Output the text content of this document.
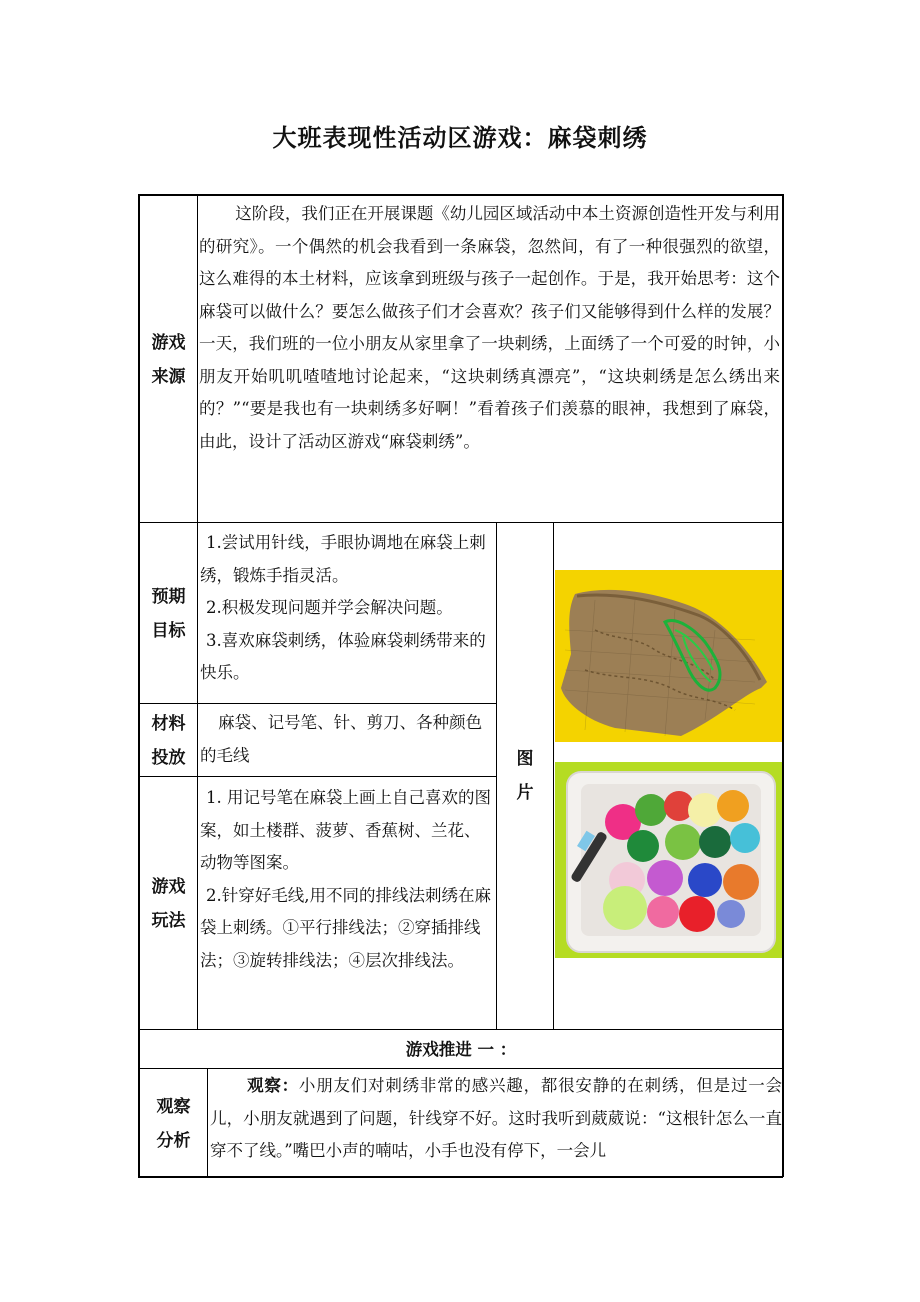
大班表现性活动区游戏：麻袋刺绣
游戏
来源
这阶段，我们正在开展课题《幼儿园区域活动中本土资源创造性开发与利用的研究》。一个偶然的机会我看到一条麻袋，忽然间，有了一种很强烈的欲望，这么难得的本土材料，应该拿到班级与孩子一起创作。于是，我开始思考：这个麻袋可以做什么？要怎么做孩子们才会喜欢？孩子们又能够得到什么样的发展？一天，我们班的一位小朋友从家里拿了一块刺绣，上面绣了一个可爱的时钟，小朋友开始叽叽喳喳地讨论起来，“这块刺绣真漂亮”，“这块刺绣是怎么绣出来的？”“要是我也有一块刺绣多好啊！”看着孩子们羡慕的眼神，我想到了麻袋，由此，设计了活动区游戏“麻袋刺绣”。
预期
目标
1.尝试用针线，手眼协调地在麻袋上刺绣，锻炼手指灵活。
2.积极发现问题并学会解决问题。
3.喜欢麻袋刺绣，体验麻袋刺绣带来的快乐。
材料
投放
麻袋、记号笔、针、剪刀、各种颜色的毛线
游戏
玩法
1. 用记号笔在麻袋上画上自己喜欢的图案，如土楼群、菠萝、香蕉树、兰花、动物等图案。
2.针穿好毛线,用不同的排线法刺绣在麻袋上刺绣。①平行排线法；②穿插排线法；③旋转排线法；④层次排线法。
图
片
游戏推进 一 ：
观察
分析
观察：小朋友们对刺绣非常的感兴趣，都很安静的在刺绣，但是过一会儿，小朋友就遇到了问题，针线穿不好。这时我听到葳葳说：“这根针怎么一直穿不了线。”嘴巴小声的喃咕，小手也没有停下，一会儿
